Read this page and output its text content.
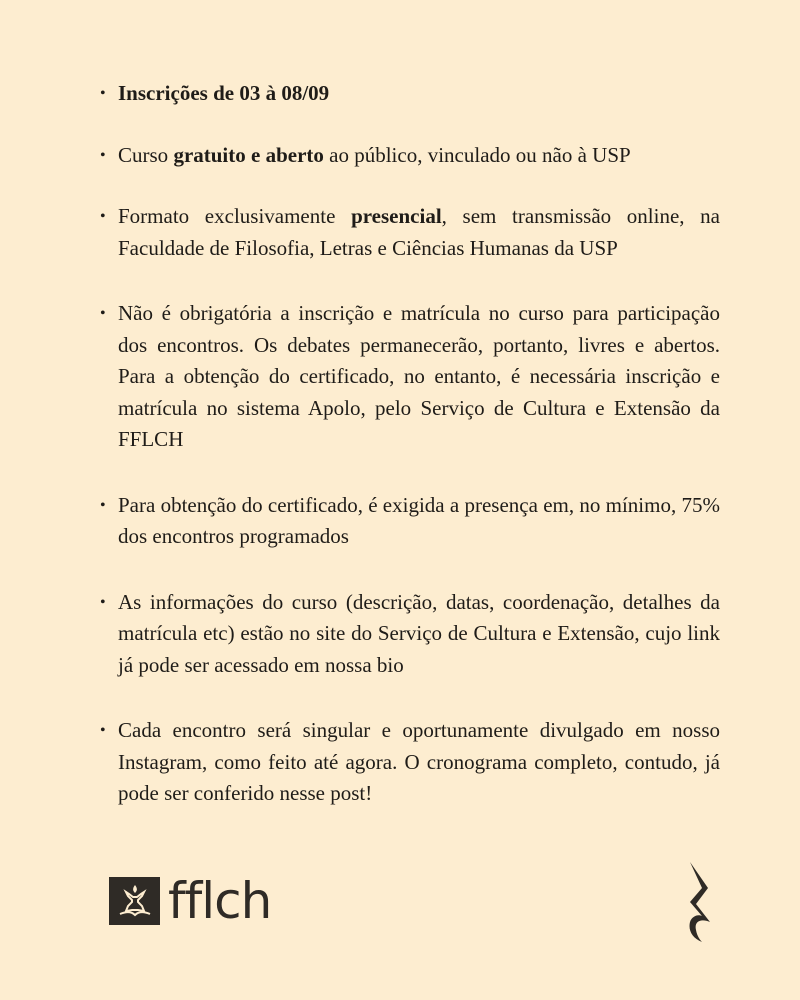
• Inscrições de 03 à 08/09
• Curso gratuito e aberto ao público, vinculado ou não à USP
• Formato exclusivamente presencial, sem transmissão online, na Faculdade de Filosofia, Letras e Ciências Humanas da USP
• Não é obrigatória a inscrição e matrícula no curso para participação dos encontros. Os debates permanecerão, portanto, livres e abertos. Para a obtenção do certificado, no entanto, é necessária inscrição e matrícula no sistema Apolo, pelo Serviço de Cultura e Extensão da FFLCH
• Para obtenção do certificado, é exigida a presença em, no mínimo, 75% dos encontros programados
• As informações do curso (descrição, datas, coordenação, detalhes da matrícula etc) estão no site do Serviço de Cultura e Extensão, cujo link já pode ser acessado em nossa bio
• Cada encontro será singular e oportunamente divulgado em nosso Instagram, como feito até agora. O cronograma completo, contudo, já pode ser conferido nesse post!
fflch
